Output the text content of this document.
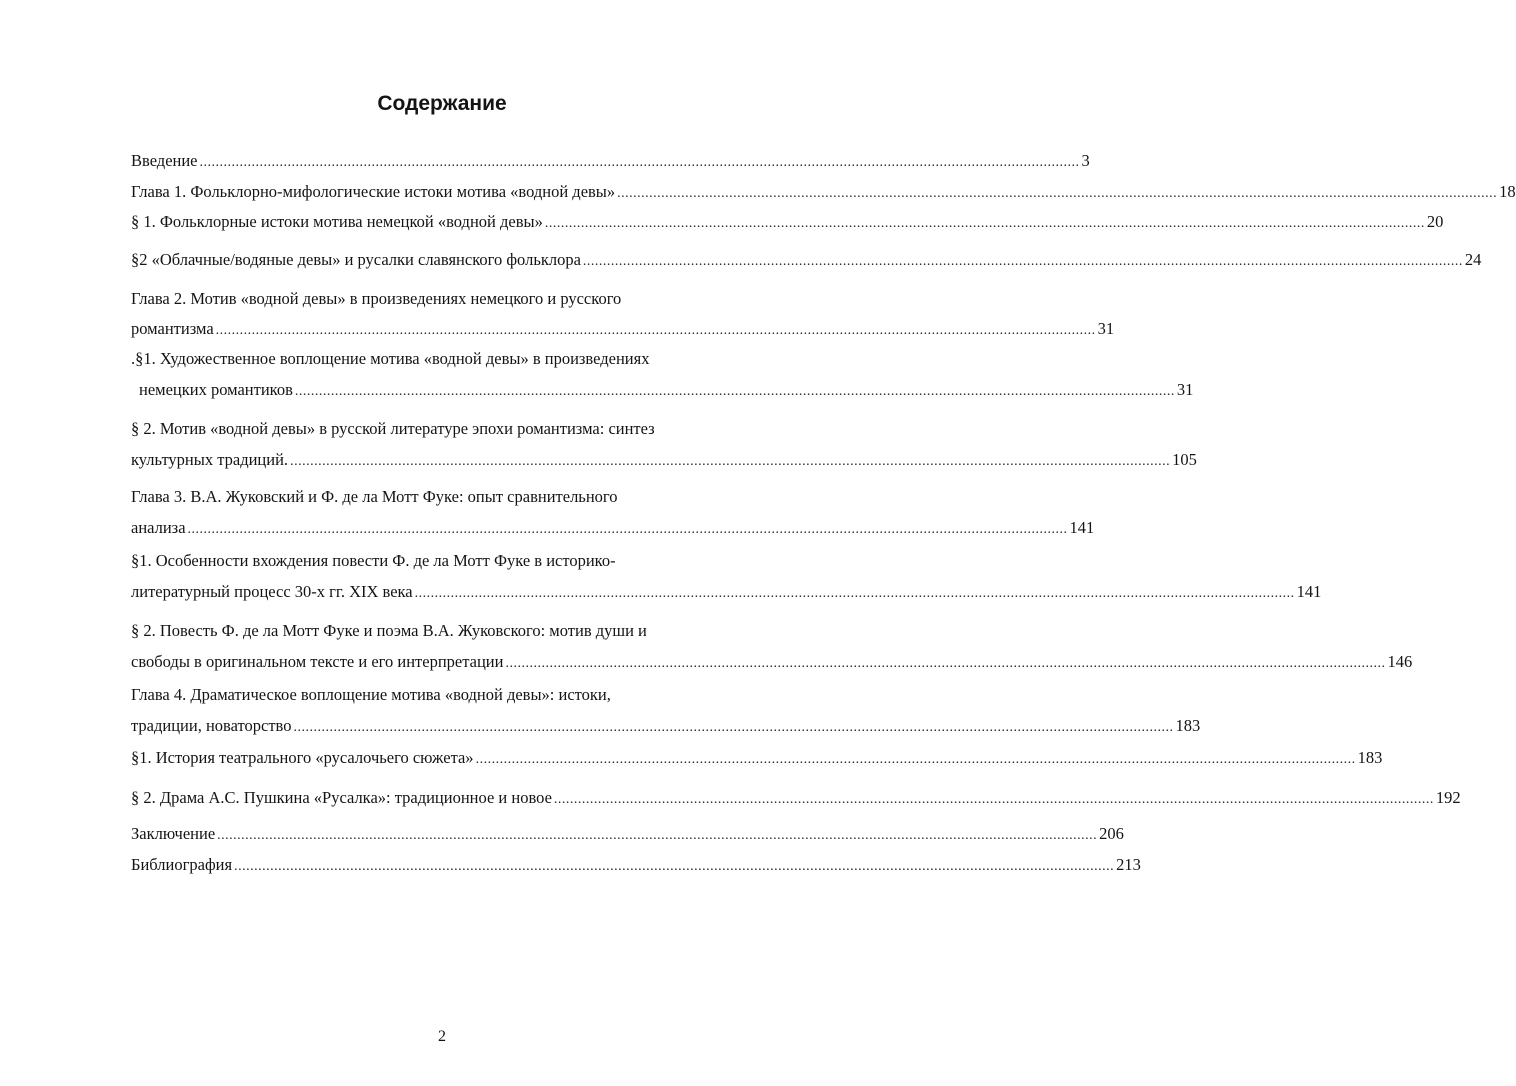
Содержание
Введение ............................................................................................................................................................................................................................ 3
Глава 1. Фольклорно-мифологические истоки мотива «водной девы» ............................................................................................................................................................................................................................ 18
§ 1. Фольклорные истоки мотива немецкой «водной девы» ............................................................................................................................................................................................................................ 20
§2 «Облачные/водяные девы» и русалки славянского фольклора ............................................................................................................................................................................................................................ 24
Глава 2. Мотив «водной девы» в произведениях немецкого и русского
романтизма ............................................................................................................................................................................................................................ 31
.§1. Художественное воплощение мотива «водной девы» в произведениях
немецких романтиков ............................................................................................................................................................................................................................ 31
§ 2. Мотив «водной девы» в русской литературе эпохи романтизма: синтез
культурных традиций. ............................................................................................................................................................................................................................ 105
Глава 3. В.А. Жуковский и Ф. де ла Мотт Фуке: опыт сравнительного
анализа ............................................................................................................................................................................................................................ 141
§1. Особенности вхождения повести Ф. де ла Мотт Фуке в историко-
литературный процесс 30-х гг. XIX века ............................................................................................................................................................................................................................ 141
§ 2. Повесть Ф. де ла Мотт Фуке и поэма В.А. Жуковского: мотив души и
свободы в оригинальном тексте и его интерпретации ............................................................................................................................................................................................................................ 146
Глава 4. Драматическое воплощение мотива «водной девы»: истоки,
традиции, новаторство ............................................................................................................................................................................................................................ 183
§1. История театрального «русалочьего сюжета» ............................................................................................................................................................................................................................ 183
§ 2. Драма А.С. Пушкина «Русалка»: традиционное и новое ............................................................................................................................................................................................................................ 192
Заключение ............................................................................................................................................................................................................................ 206
Библиография ............................................................................................................................................................................................................................ 213
2
